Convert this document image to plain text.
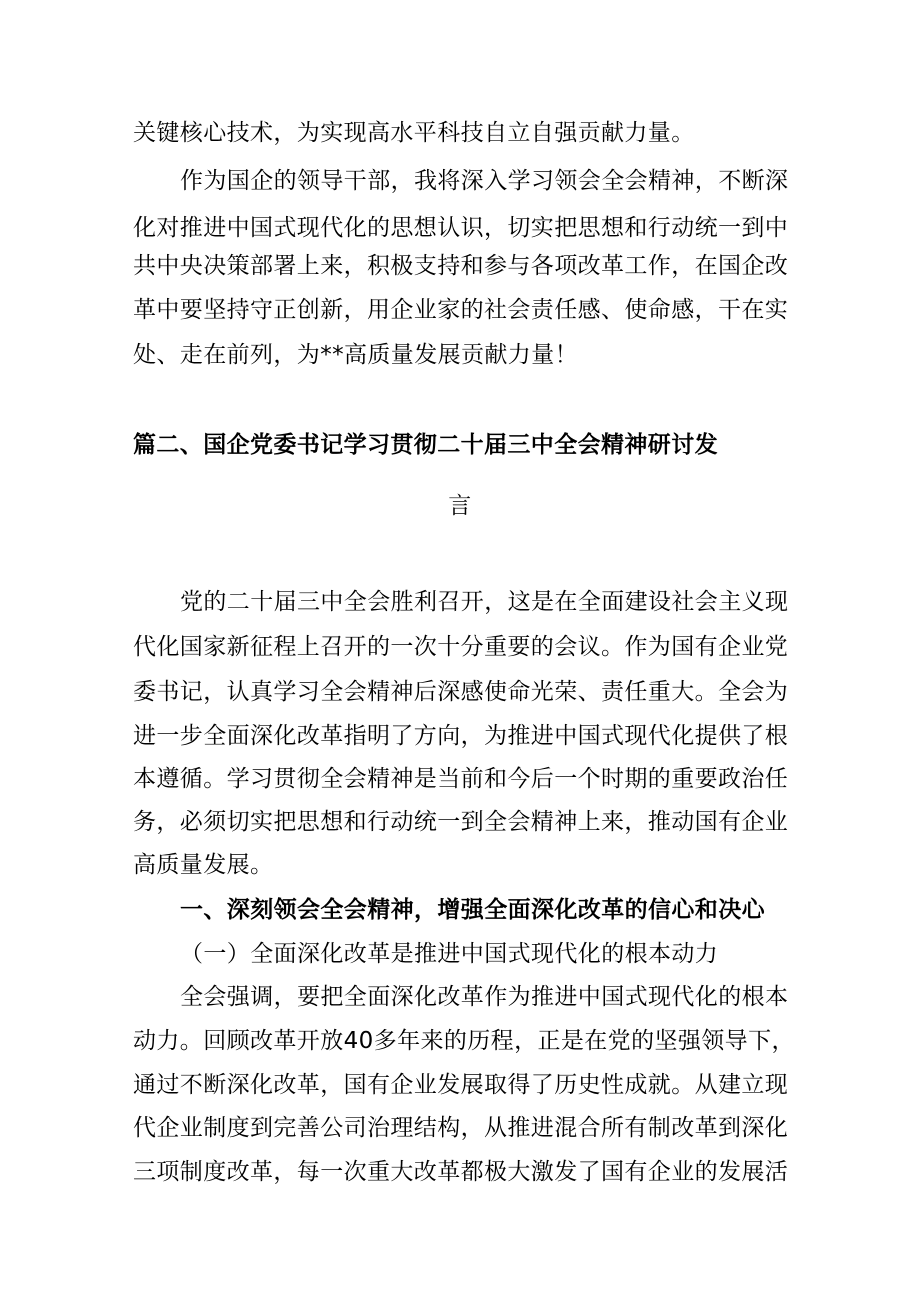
关键核心技术，为实现高水平科技自立自强贡献力量。
作为国企的领导干部，我将深入学习领会全会精神，不断深
化对推进中国式现代化的思想认识，切实把思想和行动统一到中
共中央决策部署上来，积极支持和参与各项改革工作，在国企改
革中要坚持守正创新，用企业家的社会责任感、使命感，干在实
处、走在前列，为**高质量发展贡献力量！
篇二、国企党委书记学习贯彻二十届三中全会精神研讨发
言
党的二十届三中全会胜利召开，这是在全面建设社会主义现
代化国家新征程上召开的一次十分重要的会议。作为国有企业党
委书记，认真学习全会精神后深感使命光荣、责任重大。全会为
进一步全面深化改革指明了方向，为推进中国式现代化提供了根
本遵循。学习贯彻全会精神是当前和今后一个时期的重要政治任
务，必须切实把思想和行动统一到全会精神上来，推动国有企业
高质量发展。
一、深刻领会全会精神，增强全面深化改革的信心和决心
（一）全面深化改革是推进中国式现代化的根本动力
全会强调，要把全面深化改革作为推进中国式现代化的根本
动力。回顾改革开放40多年来的历程，正是在党的坚强领导下，
通过不断深化改革，国有企业发展取得了历史性成就。从建立现
代企业制度到完善公司治理结构，从推进混合所有制改革到深化
三项制度改革，每一次重大改革都极大激发了国有企业的发展活
